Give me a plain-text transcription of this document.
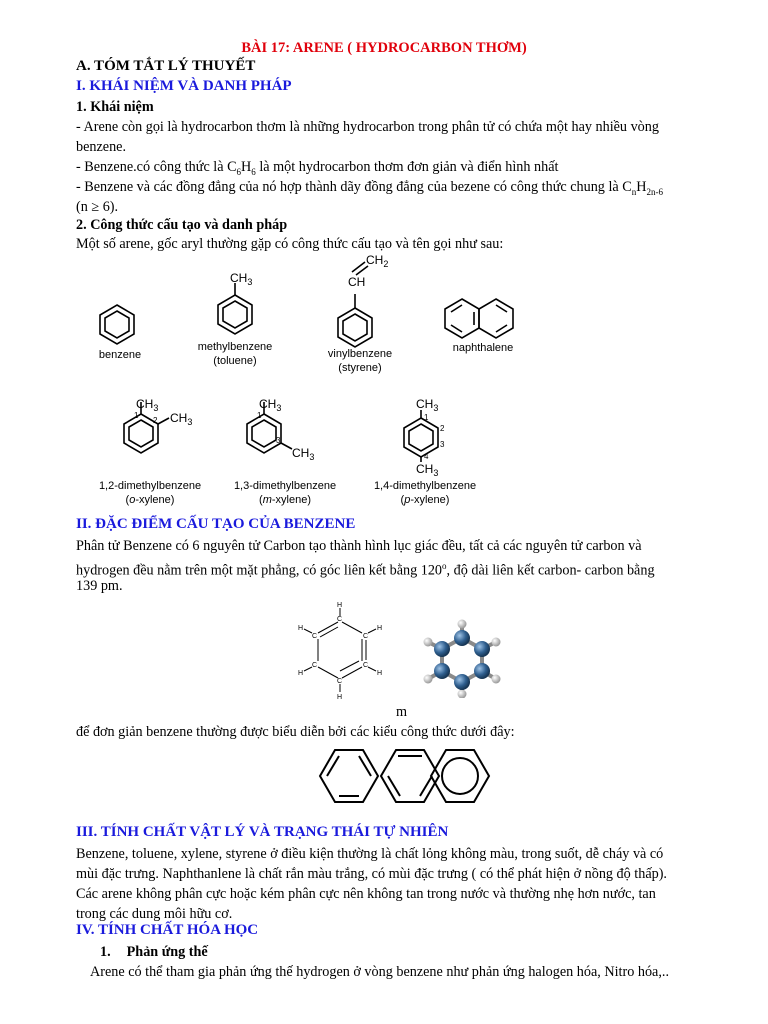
BÀI 17: ARENE ( HYDROCARBON THƠM)
A. TÓM TẮT LÝ THUYẾT
I. KHÁI NIỆM VÀ DANH PHÁP
1. Khái niệm
- Arene còn gọi là hydrocarbon thơm là những hydrocarbon trong phân tử có chứa một hay nhiều vòng
benzene.
- Benzene.có công thức là $C_6H_6$ là một hydrocarbon thơm đơn giản và điển hình nhất
- Benzene và các đồng đẳng của nó hợp thành dãy đồng đẳng của bezene có công thức chung là $C_nH_{2n-6}$
(n ≥ 6).
2. Công thức cấu tạo và danh pháp
Một số arene, gốc aryl thường gặp có công thức cấu tạo và tên gọi như sau:
$CH_3$
$CH_2$
CH
$CH_3$
$CH_3$
$CH_3$
$CH_3$
$CH_3$
$CH_3$
1
2
1
3
1
2
3
4
benzene
methylbenzene
(toluene)
vinylbenzene
(styrene)
naphthalene
1,2-dimethylbenzene
(o-xylene)
1,3-dimethylbenzene
(m-xylene)
1,4-dimethylbenzene
(p-xylene)
II. ĐẶC ĐIỂM CẤU TẠO CỦA BENZENE
Phân tử Benzene có 6 nguyên tử Carbon tạo thành hình lục giác đều, tất cả các nguyên tử carbon và
hydrogen đều nằm trên một mặt phẳng, có góc liên kết bằng 120$^o$, độ dài liên kết carbon- carbon bằng
139 pm.
H
C
C
C
C
H
C
C
H
H
H
H
m
để đơn giản benzene thường được biểu diễn bởi các kiểu công thức dưới đây:
III. TÍNH CHẤT VẬT LÝ VÀ TRẠNG THÁI TỰ NHIÊN
Benzene, toluene, xylene, styrene ở điều kiện thường là chất lỏng không màu, trong suốt, dễ cháy và có
mùi đặc trưng. Naphthanlene là chất rắn màu trắng, có mùi đặc trưng ( có thể phát hiện ở nồng độ thấp).
Các arene không phân cực hoặc kém phân cực nên không tan trong nước và thường nhẹ hơn nước, tan
trong các dung môi hữu cơ.
IV. TÍNH CHẤT HÓA HỌC
1. Phản ứng thế
Arene có thể tham gia phản ứng thế hydrogen ở vòng benzene như phản ứng halogen hóa, Nitro hóa,..
